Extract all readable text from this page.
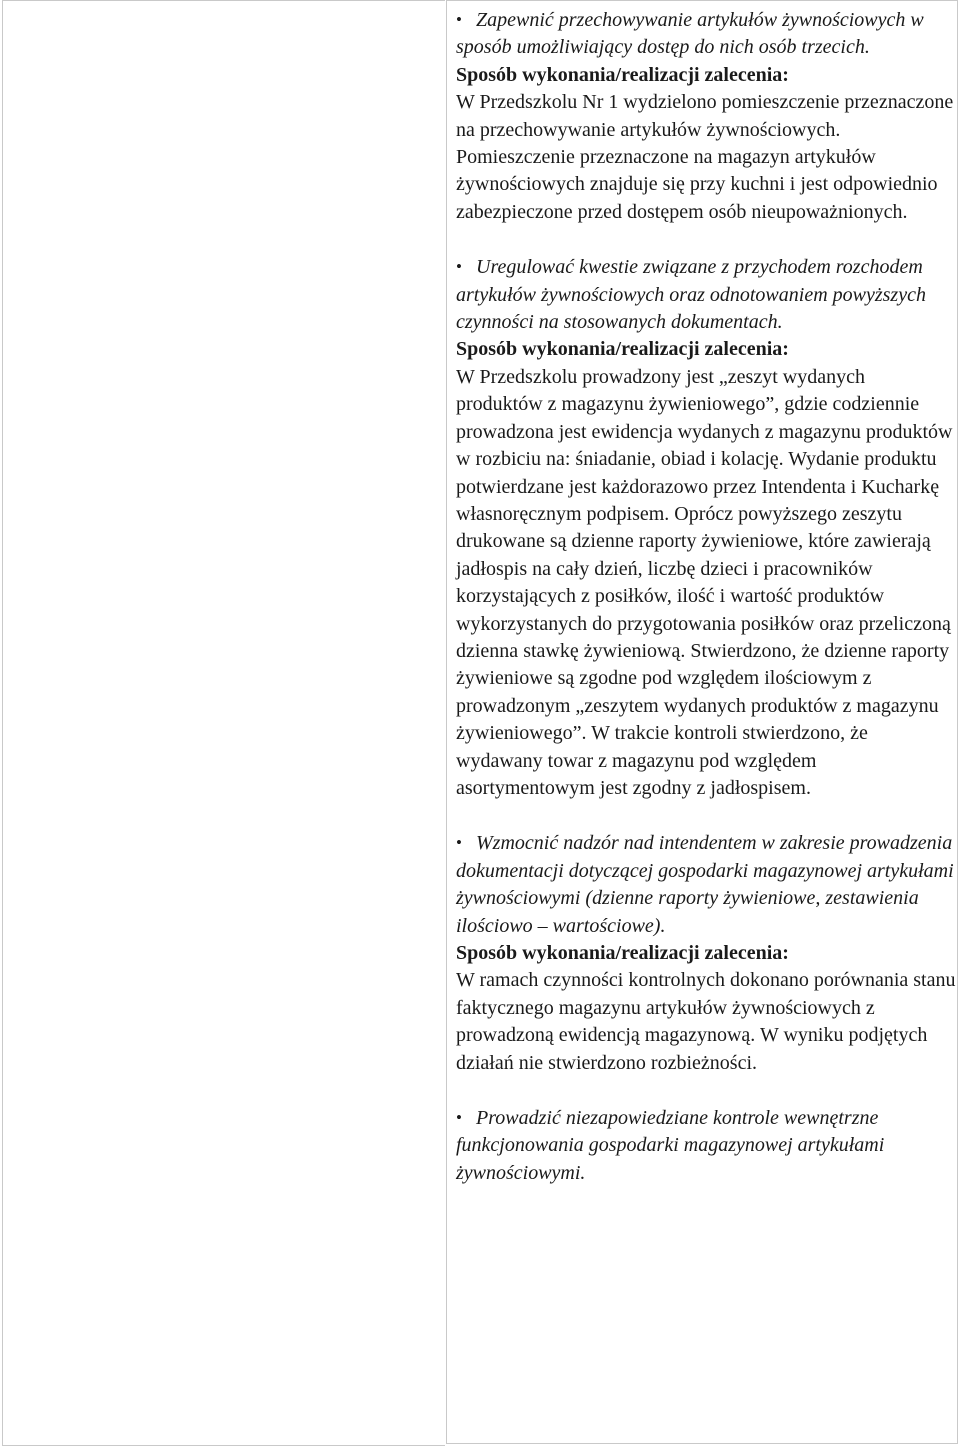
• Zapewnić przechowywanie artykułów żywnościowych w sposób umożliwiający dostęp do nich osób trzecich.

Sposób wykonania/realizacji zalecenia:

W Przedszkolu Nr 1 wydzielono pomieszczenie przeznaczone na przechowywanie artykułów żywnościowych. Pomieszczenie przeznaczone na magazyn artykułów żywnościowych znajduje się przy kuchni i jest odpowiednio zabezpieczone przed dostępem osób nieupoważnionych.

• Uregulować kwestie związane z przychodem rozchodem artykułów żywnościowych oraz odnotowaniem powyższych czynności na stosowanych dokumentach.

Sposób wykonania/realizacji zalecenia:

W Przedszkolu prowadzony jest „zeszyt wydanych produktów z magazynu żywieniowego”, gdzie codziennie prowadzona jest ewidencja wydanych z magazynu produktów w rozbiciu na: śniadanie, obiad i kolację. Wydanie produktu potwierdzane jest każdorazowo przez Intendenta i Kucharkę własnoręcznym podpisem. Oprócz powyższego zeszytu drukowane są dzienne raporty żywieniowe, które zawierają jadłospis na cały dzień, liczbę dzieci i pracowników korzystających z posiłków, ilość i wartość produktów wykorzystanych do przygotowania posiłków oraz przeliczoną dzienna stawkę żywieniową. Stwierdzono, że dzienne raporty żywieniowe są zgodne pod względem ilościowym z prowadzonym „zeszytem wydanych produktów z magazynu żywieniowego”. W trakcie kontroli stwierdzono, że wydawany towar z magazynu pod względem asortymentowym jest zgodny z jadłospisem.

• Wzmocnić nadzór nad intendentem w zakresie prowadzenia dokumentacji dotyczącej gospodarki magazynowej artykułami żywnościowymi (dzienne raporty żywieniowe, zestawienia ilościowo – wartościowe).

Sposób wykonania/realizacji zalecenia:

W ramach czynności kontrolnych dokonano porównania stanu faktycznego magazynu artykułów żywnościowych z prowadzoną ewidencją magazynową. W wyniku podjętych działań nie stwierdzono rozbieżności.

• Prowadzić niezapowiedziane kontrole wewnętrzne funkcjonowania gospodarki magazynowej artykułami żywnościowymi.
